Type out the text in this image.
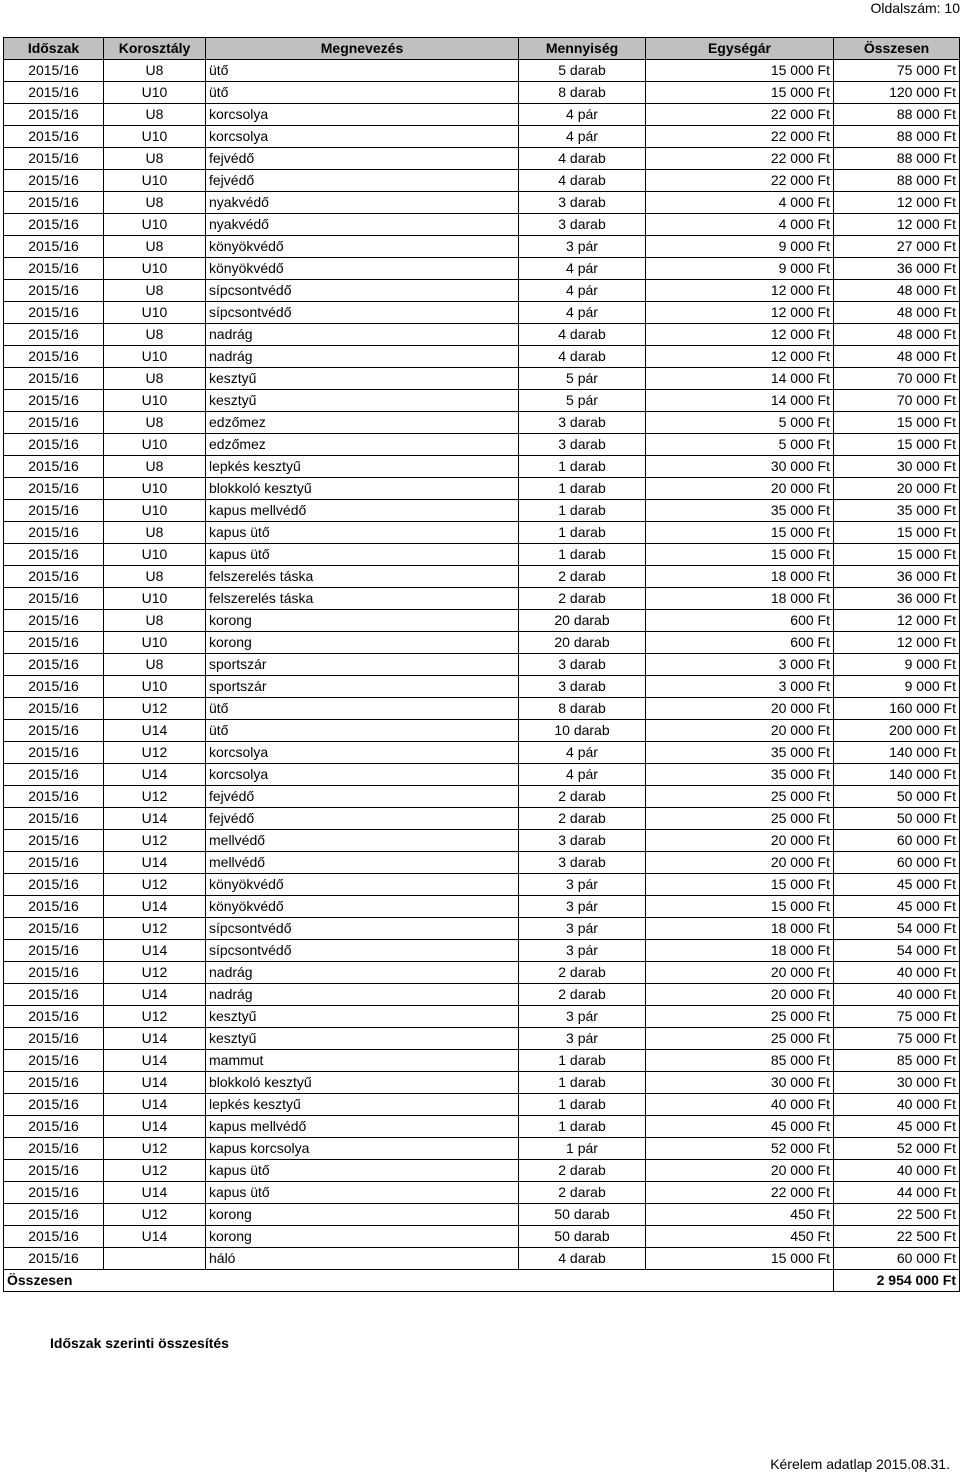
Oldalszám: 10
Időszak	Korosztály	Megnevezés	Mennyiség	Egységár	Összesen
2015/16	U8	ütő	5 darab	15 000 Ft	75 000 Ft
2015/16	U10	ütő	8 darab	15 000 Ft	120 000 Ft
2015/16	U8	korcsolya	4 pár	22 000 Ft	88 000 Ft
2015/16	U10	korcsolya	4 pár	22 000 Ft	88 000 Ft
2015/16	U8	fejvédő	4 darab	22 000 Ft	88 000 Ft
2015/16	U10	fejvédő	4 darab	22 000 Ft	88 000 Ft
2015/16	U8	nyakvédő	3 darab	4 000 Ft	12 000 Ft
2015/16	U10	nyakvédő	3 darab	4 000 Ft	12 000 Ft
2015/16	U8	könyökvédő	3 pár	9 000 Ft	27 000 Ft
2015/16	U10	könyökvédő	4 pár	9 000 Ft	36 000 Ft
2015/16	U8	sípcsontvédő	4 pár	12 000 Ft	48 000 Ft
2015/16	U10	sípcsontvédő	4 pár	12 000 Ft	48 000 Ft
2015/16	U8	nadrág	4 darab	12 000 Ft	48 000 Ft
2015/16	U10	nadrág	4 darab	12 000 Ft	48 000 Ft
2015/16	U8	kesztyű	5 pár	14 000 Ft	70 000 Ft
2015/16	U10	kesztyű	5 pár	14 000 Ft	70 000 Ft
2015/16	U8	edzőmez	3 darab	5 000 Ft	15 000 Ft
2015/16	U10	edzőmez	3 darab	5 000 Ft	15 000 Ft
2015/16	U8	lepkés kesztyű	1 darab	30 000 Ft	30 000 Ft
2015/16	U10	blokkoló kesztyű	1 darab	20 000 Ft	20 000 Ft
2015/16	U10	kapus mellvédő	1 darab	35 000 Ft	35 000 Ft
2015/16	U8	kapus ütő	1 darab	15 000 Ft	15 000 Ft
2015/16	U10	kapus ütő	1 darab	15 000 Ft	15 000 Ft
2015/16	U8	felszerelés táska	2 darab	18 000 Ft	36 000 Ft
2015/16	U10	felszerelés táska	2 darab	18 000 Ft	36 000 Ft
2015/16	U8	korong	20 darab	600 Ft	12 000 Ft
2015/16	U10	korong	20 darab	600 Ft	12 000 Ft
2015/16	U8	sportszár	3 darab	3 000 Ft	9 000 Ft
2015/16	U10	sportszár	3 darab	3 000 Ft	9 000 Ft
2015/16	U12	ütő	8 darab	20 000 Ft	160 000 Ft
2015/16	U14	ütő	10 darab	20 000 Ft	200 000 Ft
2015/16	U12	korcsolya	4 pár	35 000 Ft	140 000 Ft
2015/16	U14	korcsolya	4 pár	35 000 Ft	140 000 Ft
2015/16	U12	fejvédő	2 darab	25 000 Ft	50 000 Ft
2015/16	U14	fejvédő	2 darab	25 000 Ft	50 000 Ft
2015/16	U12	mellvédő	3 darab	20 000 Ft	60 000 Ft
2015/16	U14	mellvédő	3 darab	20 000 Ft	60 000 Ft
2015/16	U12	könyökvédő	3 pár	15 000 Ft	45 000 Ft
2015/16	U14	könyökvédő	3 pár	15 000 Ft	45 000 Ft
2015/16	U12	sípcsontvédő	3 pár	18 000 Ft	54 000 Ft
2015/16	U14	sípcsontvédő	3 pár	18 000 Ft	54 000 Ft
2015/16	U12	nadrág	2 darab	20 000 Ft	40 000 Ft
2015/16	U14	nadrág	2 darab	20 000 Ft	40 000 Ft
2015/16	U12	kesztyű	3 pár	25 000 Ft	75 000 Ft
2015/16	U14	kesztyű	3 pár	25 000 Ft	75 000 Ft
2015/16	U14	mammut	1 darab	85 000 Ft	85 000 Ft
2015/16	U14	blokkoló kesztyű	1 darab	30 000 Ft	30 000 Ft
2015/16	U14	lepkés kesztyű	1 darab	40 000 Ft	40 000 Ft
2015/16	U14	kapus mellvédő	1 darab	45 000 Ft	45 000 Ft
2015/16	U12	kapus korcsolya	1 pár	52 000 Ft	52 000 Ft
2015/16	U12	kapus ütő	2 darab	20 000 Ft	40 000 Ft
2015/16	U14	kapus ütő	2 darab	22 000 Ft	44 000 Ft
2015/16	U12	korong	50 darab	450 Ft	22 500 Ft
2015/16	U14	korong	50 darab	450 Ft	22 500 Ft
2015/16		háló	4 darab	15 000 Ft	60 000 Ft
Összesen					2 954 000 Ft
Időszak szerinti összesítés
Kérelem adatlap 2015.08.31.
